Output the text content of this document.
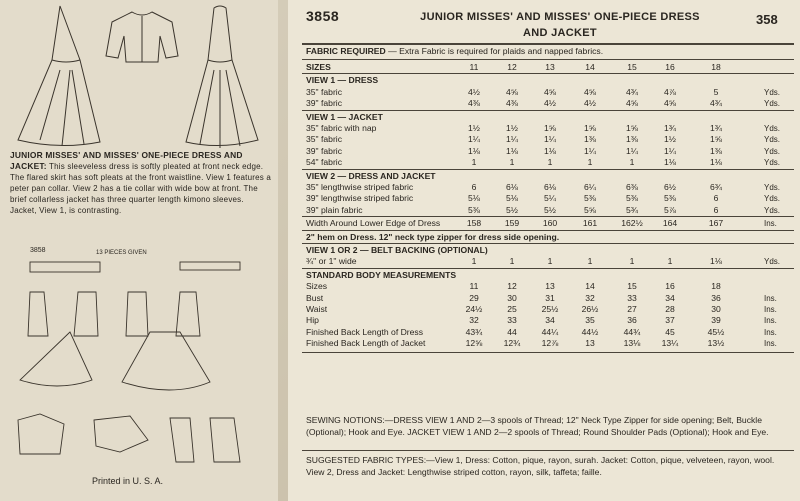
JUNIOR MISSES' AND MISSES' ONE-PIECE DRESS AND JACKET: This sleeveless dress is softly pleated at front neck edge. The flared skirt has soft pleats at the front waistline. View 1 features a peter pan collar. View 2 has a tie collar with wide bow at front. The brief collarless jacket has three quarter length kimono sleeves. Jacket, View 1, is contrasting.
3858	13 PIECES GIVEN
Printed in U. S. A.
3858	JUNIOR MISSES' AND MISSES' ONE-PIECE DRESS
AND JACKET
358
FABRIC REQUIRED — Extra Fabric is required for plaids and napped fabrics.
SIZES	11	12	13	14	15	16	18
VIEW 1 — DRESS
35" fabric	4½	4⅝	4⅝	4⅝	4¾	4⅞	5	Yds.
39" fabric	4⅜	4⅜	4½	4½	4⅝	4⅝	4¾	Yds.
VIEW 1 — JACKET
35" fabric with nap	1½	1½	1⅝	1⅝	1⅝	1¾	1¾	Yds.
35" fabric	1¼	1¼	1¼	1⅜	1⅜	1½	1⅝	Yds.
39" fabric	1⅛	1⅛	1⅛	1¼	1¼	1¼	1⅜	Yds.
54" fabric	1	1	1	1	1	1⅛	1⅛	Yds.
VIEW 2 — DRESS AND JACKET
35" lengthwise striped fabric	6	6⅛	6⅛	6¼	6⅜	6½	6¾	Yds.
39" lengthwise striped fabric	5⅛	5⅛	5¼	5⅜	5⅜	5⅜	6	Yds.
39" plain fabric	5⅜	5½	5½	5⅝	5¾	5⅞	6	Yds.
Width Around Lower Edge of Dress	158	159	160	161	162½	164	167	Ins.
2" hem on Dress. 12" neck type zipper for dress side opening.
VIEW 1 OR 2 — BELT BACKING (OPTIONAL)
¾" or 1" wide	1	1	1	1	1	1	1⅛	Yds.
STANDARD BODY MEASUREMENTS
Sizes	11	12	13	14	15	16	18
Bust	29	30	31	32	33	34	36	Ins.
Waist	24½	25	25½	26½	27	28	30	Ins.
Hip	32	33	34	35	36	37	39	Ins.
Finished Back Length of Dress	43¾	44	44¼	44½	44¾	45	45½	Ins.
Finished Back Length of Jacket	12⅝	12¾	12⅞	13	13⅛	13¼	13½	Ins.
SEWING NOTIONS:—DRESS VIEW 1 AND 2—3 spools of Thread; 12" Neck Type Zipper for side opening; Belt, Buckle (Optional); Hook and Eye. JACKET VIEW 1 AND 2—2 spools of Thread; Round Shoulder Pads (Optional); Hook and Eye.
SUGGESTED FABRIC TYPES:—View 1, Dress: Cotton, pique, rayon, surah. Jacket: Cotton, pique, velveteen, rayon, wool. View 2, Dress and Jacket: Lengthwise striped cotton, rayon, silk, taffeta; faille.
